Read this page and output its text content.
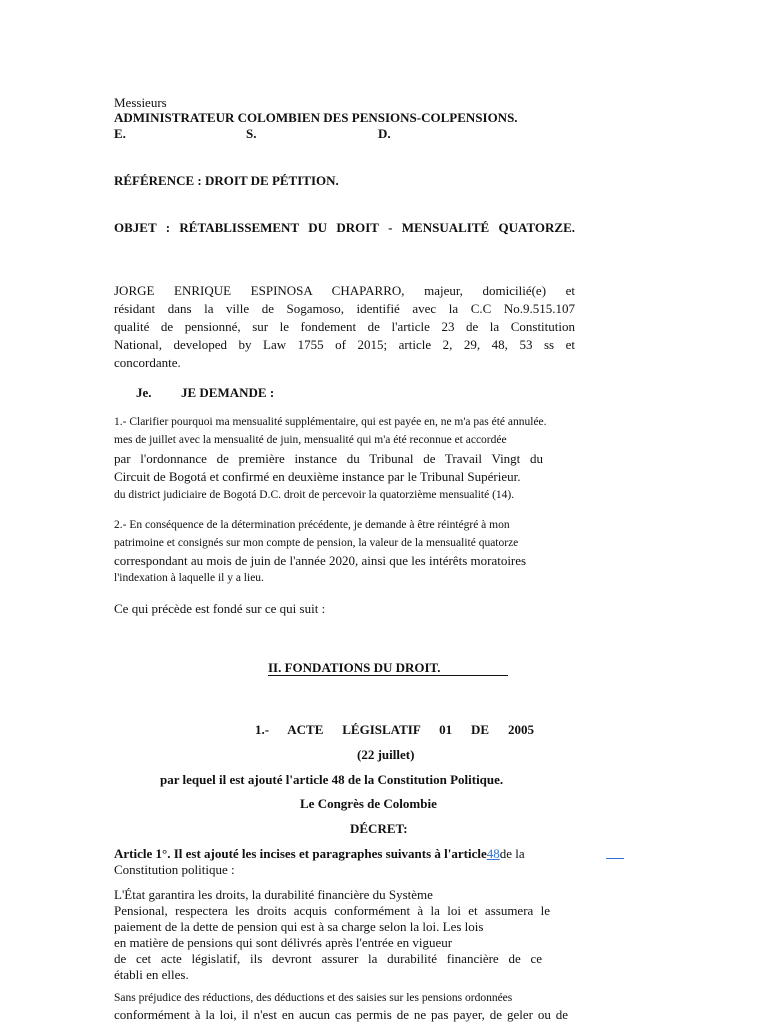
Messieurs
ADMINISTRATEUR COLOMBIEN DES PENSIONS-COLPENSIONS.
E.	S.	D.
RÉFÉRENCE : DROIT DE PÉTITION.
OBJET : RÉTABLISSEMENT DU DROIT - MENSUALITÉ QUATORZE.
JORGE ENRIQUE ESPINOSA CHAPARRO, majeur, domicilié(e) et
résidant dans la ville de Sogamoso, identifié avec la C.C No.9.515.107
qualité de pensionné, sur le fondement de l'article 23 de la Constitution
National, developed by Law 1755 of 2015; article 2, 29, 48, 53 ss et
concordante.
Je. JE DEMANDE :
1.- Clarifier pourquoi ma mensualité supplémentaire, qui est payée en, ne m'a pas été annulée.
mes de juillet avec la mensualité de juin, mensualité qui m'a été reconnue et accordée
par l'ordonnance de première instance du Tribunal de Travail Vingt du
Circuit de Bogotá et confirmé en deuxième instance par le Tribunal Supérieur.
du district judiciaire de Bogotá D.C. droit de percevoir la quatorzième mensualité (14).
2.- En conséquence de la détermination précédente, je demande à être réintégré à mon
patrimoine et consignés sur mon compte de pension, la valeur de la mensualité quatorze
correspondant au mois de juin de l'année 2020, ainsi que les intérêts moratoires
l'indexation à laquelle il y a lieu.
Ce qui précède est fondé sur ce qui suit :
II. FONDATIONS DU DROIT.
1.- ACTE LÉGISLATIF 01 DE 2005
(22 juillet)
par lequel il est ajouté l'article 48 de la Constitution Politique.
Le Congrès de Colombie
DÉCRET:
Article 1°. Il est ajouté les incises et paragraphes suivants à l'article48de la
Constitution politique :
L'État garantira les droits, la durabilité financière du Système
Pensional, respectera les droits acquis conformément à la loi et assumera le
paiement de la dette de pension qui est à sa charge selon la loi. Les lois
en matière de pensions qui sont délivrés après l'entrée en vigueur
de cet acte législatif, ils devront assurer la durabilité financière de ce
établi en elles.
Sans préjudice des réductions, des déductions et des saisies sur les pensions ordonnées
conformément à la loi, il n'est en aucun cas permis de ne pas payer, de geler ou de
